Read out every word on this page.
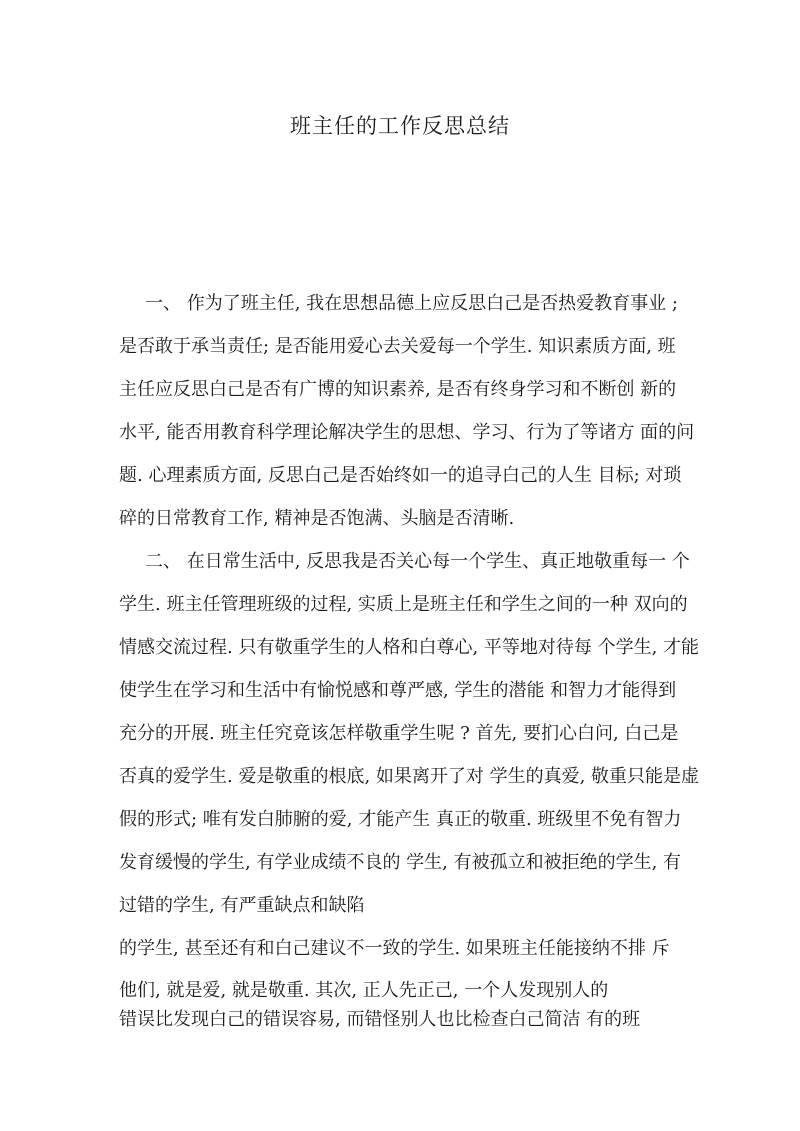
班主任的工作反思总结
一、 作为了班主任, 我在思想品德上应反思白己是否热爱教育事业 ;
是否敢于承当责任; 是否能用爱心去关爱每一个学生. 知识素质方面, 班
主任应反思白己是否有广博的知识素养, 是否有终身学习和不断创 新的
水平, 能否用教育科学理论解决学生的思想、学习、行为了等诸方 面的问
题. 心理素质方面, 反思白己是否始终如一的追寻白己的人生 目标; 对琐
碎的日常教育工作, 精神是否饱满、头脑是否清晰.
二、 在日常生活中, 反思我是否关心每一个学生、真正地敬重每一 个
学生. 班主任管理班级的过程, 实质上是班主任和学生之间的一种 双向的
情感交流过程. 只有敬重学生的人格和白尊心, 平等地对待每 个学生, 才能
使学生在学习和生活中有愉悦感和尊严感, 学生的潜能 和智力才能得到
充分的开展. 班主任究竟该怎样敬重学生呢 ? 首先, 要扪心白问, 白己是
否真的爱学生. 爱是敬重的根底, 如果离开了对 学生的真爱, 敬重只能是虚
假的形式; 唯有发白肺腑的爱, 才能产生 真正的敬重. 班级里不免有智力
发育缓慢的学生, 有学业成绩不良的 学生, 有被孤立和被拒绝的学生, 有
过错的学生, 有严重缺点和缺陷
的学生, 甚至还有和白己建议不一致的学生. 如果班主任能接纳不排 斥
他们, 就是爱, 就是敬重. 其次, 正人先正己, 一个人发现别人的
错误比发现白己的错误容易, 而错怪别人也比检查白己简洁 有的班
